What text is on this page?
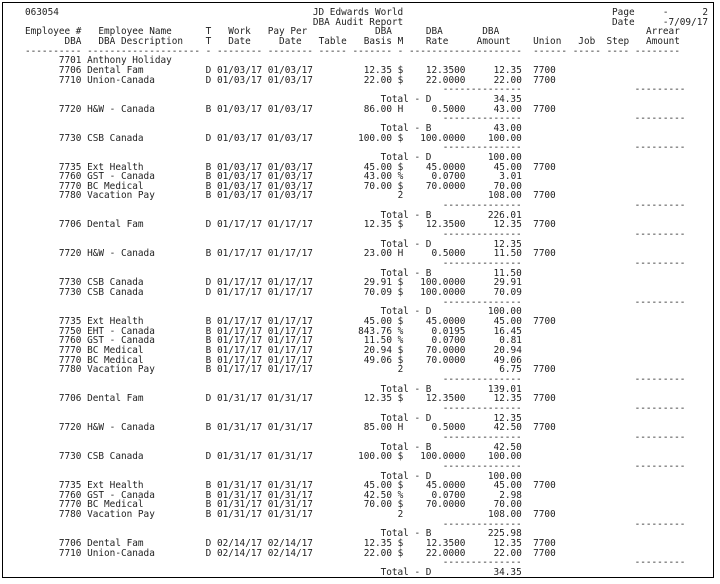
063054	JD Edwards World	Page	-	2
DBA Audit Report	Date	-7/09/17
Employee #   Employee Name	T Work Pay Per	DBA	DBA	DBA	Arrear
DBA   DBA Description T Date	Date Table Basis M Rate	Amount Union Job Step Amount
---------- -------------------- - -------- -------- ----- ------- - -------------------- ------ ----- ---- --------
7701 Anthony Holiday
7706 Dental Fam	D 01/03/17 01/03/17	12.35 $ 12.3500	12.35 7700
7710 Union-Canada	D 01/03/17 01/03/17	22.00 $ 22.0000	22.00 7700
--------------	---------
Total - D	34.35
7720 H&W - Canada	B 01/03/17 01/03/17	86.00 H	0.5000	43.00 7700
--------------	---------
Total - B	43.00
7730 CSB Canada	D 01/03/17 01/03/17	100.00 $ 100.0000 100.00
--------------	---------
Total - D	100.00
7735 Ext Health	B 01/03/17 01/03/17	45.00 $ 45.0000	45.00 7700
7760 GST - Canada	B 01/03/17 01/03/17	43.00 %	0.0700	3.01
7770 BC Medical	B 01/03/17 01/03/17	70.00 $ 70.0000	70.00
7780 Vacation Pay	B 01/03/17 01/03/17	2	108.00 7700
--------------	---------
Total - B	226.01
7706 Dental Fam	D 01/17/17 01/17/17	12.35 $ 12.3500	12.35 7700
--------------	---------
Total - D	12.35
7720 H&W - Canada	B 01/17/17 01/17/17	23.00 H	0.5000	11.50 7700
--------------	---------
Total - B	11.50
7730 CSB Canada	D 01/17/17 01/17/17	29.91 $ 100.0000	29.91
7730 CSB Canada	D 01/17/17 01/17/17	70.09 $ 100.0000	70.09
--------------	---------
Total - D	100.00
7735 Ext Health	B 01/17/17 01/17/17	45.00 $ 45.0000	45.00 7700
7750 EHT - Canada	B 01/17/17 01/17/17	843.76 %	0.0195	16.45
7760 GST - Canada	B 01/17/17 01/17/17	11.50 %	0.0700	0.81
7770 BC Medical	B 01/17/17 01/17/17	20.94 $ 70.0000	20.94
7770 BC Medical	B 01/17/17 01/17/17	49.06 $ 70.0000	49.06
7780 Vacation Pay	B 01/17/17 01/17/17	2	6.75 7700
--------------	---------
Total - B	139.01
7706 Dental Fam	D 01/31/17 01/31/17	12.35 $ 12.3500	12.35 7700
--------------	---------
Total - D	12.35
7720 H&W - Canada	B 01/31/17 01/31/17	85.00 H	0.5000	42.50 7700
--------------	---------
Total - B	42.50
7730 CSB Canada	D 01/31/17 01/31/17	100.00 $ 100.0000 100.00
--------------	---------
Total - D	100.00
7735 Ext Health	B 01/31/17 01/31/17	45.00 $ 45.0000	45.00 7700
7760 GST - Canada	B 01/31/17 01/31/17	42.50 %	0.0700	2.98
7770 BC Medical	B 01/31/17 01/31/17	70.00 $ 70.0000	70.00
7780 Vacation Pay	B 01/31/17 01/31/17	2	108.00 7700
--------------	---------
Total - B	225.98
7706 Dental Fam	D 02/14/17 02/14/17	12.35 $ 12.3500	12.35 7700
7710 Union-Canada	D 02/14/17 02/14/17	22.00 $ 22.0000	22.00 7700
--------------	---------
Total - D	34.35
